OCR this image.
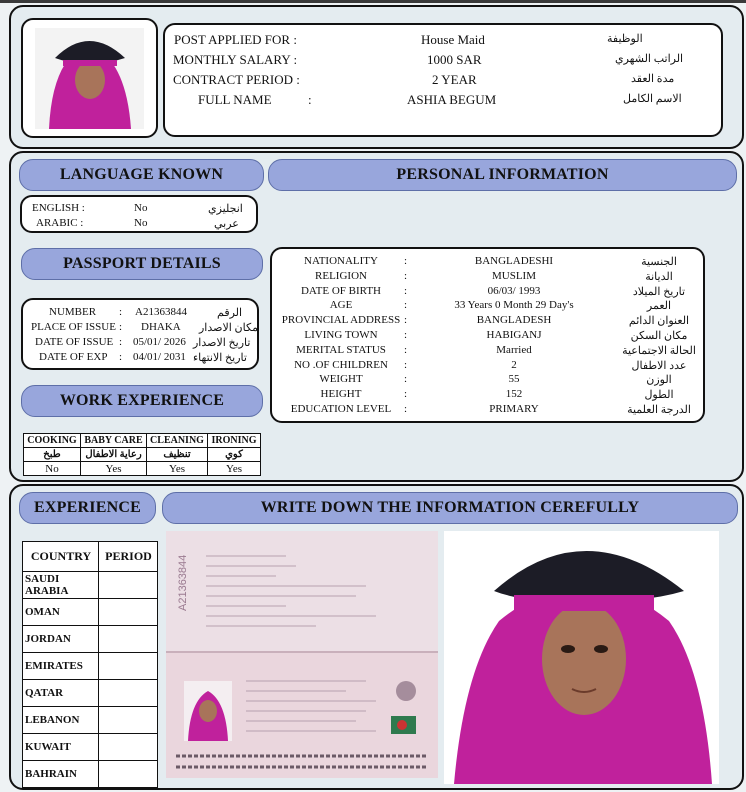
POST APPLIED FOR :	House Maid	الوظيفة
MONTHLY SALARY :	1000 SAR	الراتب الشهري
CONTRACT PERIOD :	2 YEAR	مدة العقد
FULL NAME	:	ASHIA BEGUM	الاسم الكامل
LANGUAGE KNOWN	PERSONAL INFORMATION
ENGLISH :	No	انجليزي
ARABIC :	No	عربي
PASSPORT DETAILS
NUMBER : A21363844	الرقم
PLACE OF ISSUE : DHAKA مكان الاصدار
DATE OF ISSUE : 05/01/ 2026 تاريخ الاصدار
DATE OF EXP : 04/01/ 2031 تاريخ الانتهاء
WORK EXPERIENCE
COOKING	BABY CARE	CLEANING	IRONING
طبخ	رعاية الاطفال	تنظيف	كوي
No	Yes	Yes	Yes
NATIONALITY	:	BANGLADESHI	الجنسية
RELIGION	:	MUSLIM	الديانة
DATE OF BIRTH	:	06/03/ 1993	تاريخ الميلاد
AGE	:	33 Years 0 Month 29 Day's	العمر
PROVINCIAL ADDRESS :	BANGLADESH	العنوان الدائم
LIVING TOWN	:	HABIGANJ	مكان السكن
MERITAL STATUS	:	Married	الحالة الاجتماعية
NO .OF CHILDREN	:	2	عدد الاطفال
WEIGHT	:	55	الوزن
HEIGHT	:	152	الطول
EDUCATION LEVEL	:	PRIMARY	الدرجة العلمية
EXPERIENCE	WRITE DOWN THE INFORMATION CEREFULLY
COUNTRY	PERIOD
SAUDI ARABIA	
OMAN	
JORDAN	
EMIRATES	
QATAR	
LEBANON	
KUWAIT	
BAHRAIN	
A21363844
